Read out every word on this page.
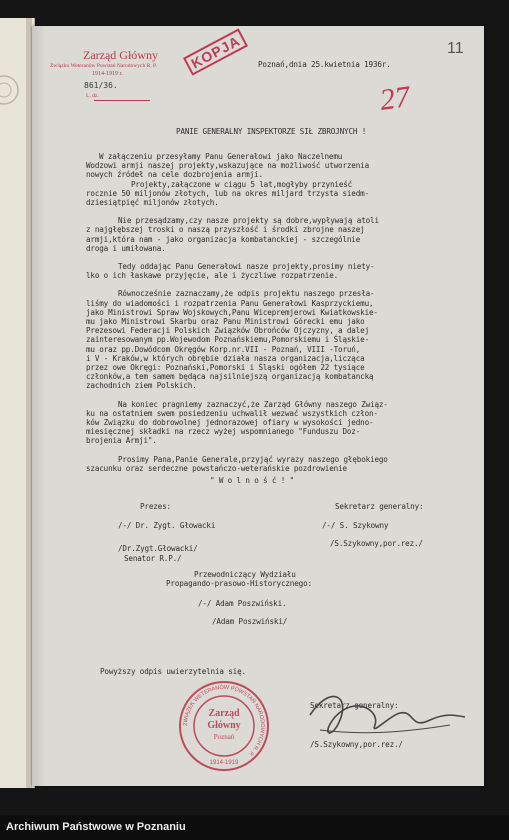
Zarząd Główny
Związku Weteranów Powstań Narodowych R. P.
1914-1919 r.
L. dz.
861/36.
KOPJA	11
27
Poznań,dnia 25.kwietnia 1936r.
PANIE GENERALNY INSPEKTORZE SIŁ ZBROJNYCH !
W załączeniu przesyłamy Panu Generałowi jako Naczelnemu
Wodzowi armji naszej projekty,wskazujące na możliwość utworzenia
nowych źródeł na cele dozbrojenia armji.
Projekty,załączone w ciągu 5 lat,mogłyby przynieść
rocznie 50 miljonów złotych, lub na okres miljard trzysta siedm-
dziesiątpięć miljonów złotych.
Nie przesądzamy,czy nasze projekty są dobre,wypływają atoli
z najgłębszej troski o naszą przyszłość i środki zbrojne naszej
armji,która nam - jako organizacja kombatanckiej - szczególnie
droga i umiłowana.
Tedy oddając Panu Generałowi nasze projekty,prosimy niety-
lko o ich łaskawe przyjęcie, ale i życzliwe rozpatrzenie.
Równocześnie zaznaczamy,że odpis projektu naszego przesła-
liśmy do wiadomości i rozpatrzenia Panu Generałowi Kasprzyckiemu,
jako Ministrowi Spraw Wojskowych,Panu Wicepremjerowi Kwiatkowskie-
mu jako Ministrowi Skarbu oraz Panu Ministrowi Górecki emu jako
Prezesowi Federacji Polskich Związków Obrońców Ojczyzny, a dalej
zainteresowanym pp.Wojewodom Poznańskiemu,Pomorskiemu i Śląskie-
mu oraz pp.Dowódcom Okręgów Korp.nr.VII - Poznań, VIII -Toruń,
i V - Kraków,w których obrębie działa nasza organizacja,licząca
przez owe Okręgi: Poznański,Pomorski i Śląski ogółem 22 tysiące
członków,a tem samem będąca najsilniejszą organizacją kombatancką
zachodnich ziem Polskich.
Na koniec pragniemy zaznaczyć,że Zarząd Główny naszego Związ-
ku na ostatniem swem posiedzeniu uchwalił wezwać wszystkich człon-
ków Związku do dobrowolnej jednorazowej ofiary w wysokości jedno-
miesięcznej składki na rzecz wyżej wspomnianego "Funduszu Doz-
brojenia Armji".
Prosimy Pana,Panie Generale,przyjąć wyrazy naszego głębokiego
szacunku oraz serdeczne powstańczo-weterańskie pozdrowienie
" W o l n o ś ć ! "
Prezes:
/-/ Dr. Zygt. Głowacki
/Dr.Zygt.Głowacki/
Senator R.P./
Sekretarz generalny:
/-/ S. Szykowny
/S.Szykowny,por.rez./
Przewodniczący Wydziału
Propagando-prasowo-Historycznego:
/-/ Adam Poszwiński.
/Adam Poszwiński/
Powyższy odpis uwierzytelnia się.
Sekretarz generalny:
/S.Szykowny,por.rez./
ZWIĄZEK WETERANÓW POWSTAŃ NARODOWYCH R. P.
Zarząd
Główny
Poznań
1914-1919
Archiwum Państwowe w Poznaniu
